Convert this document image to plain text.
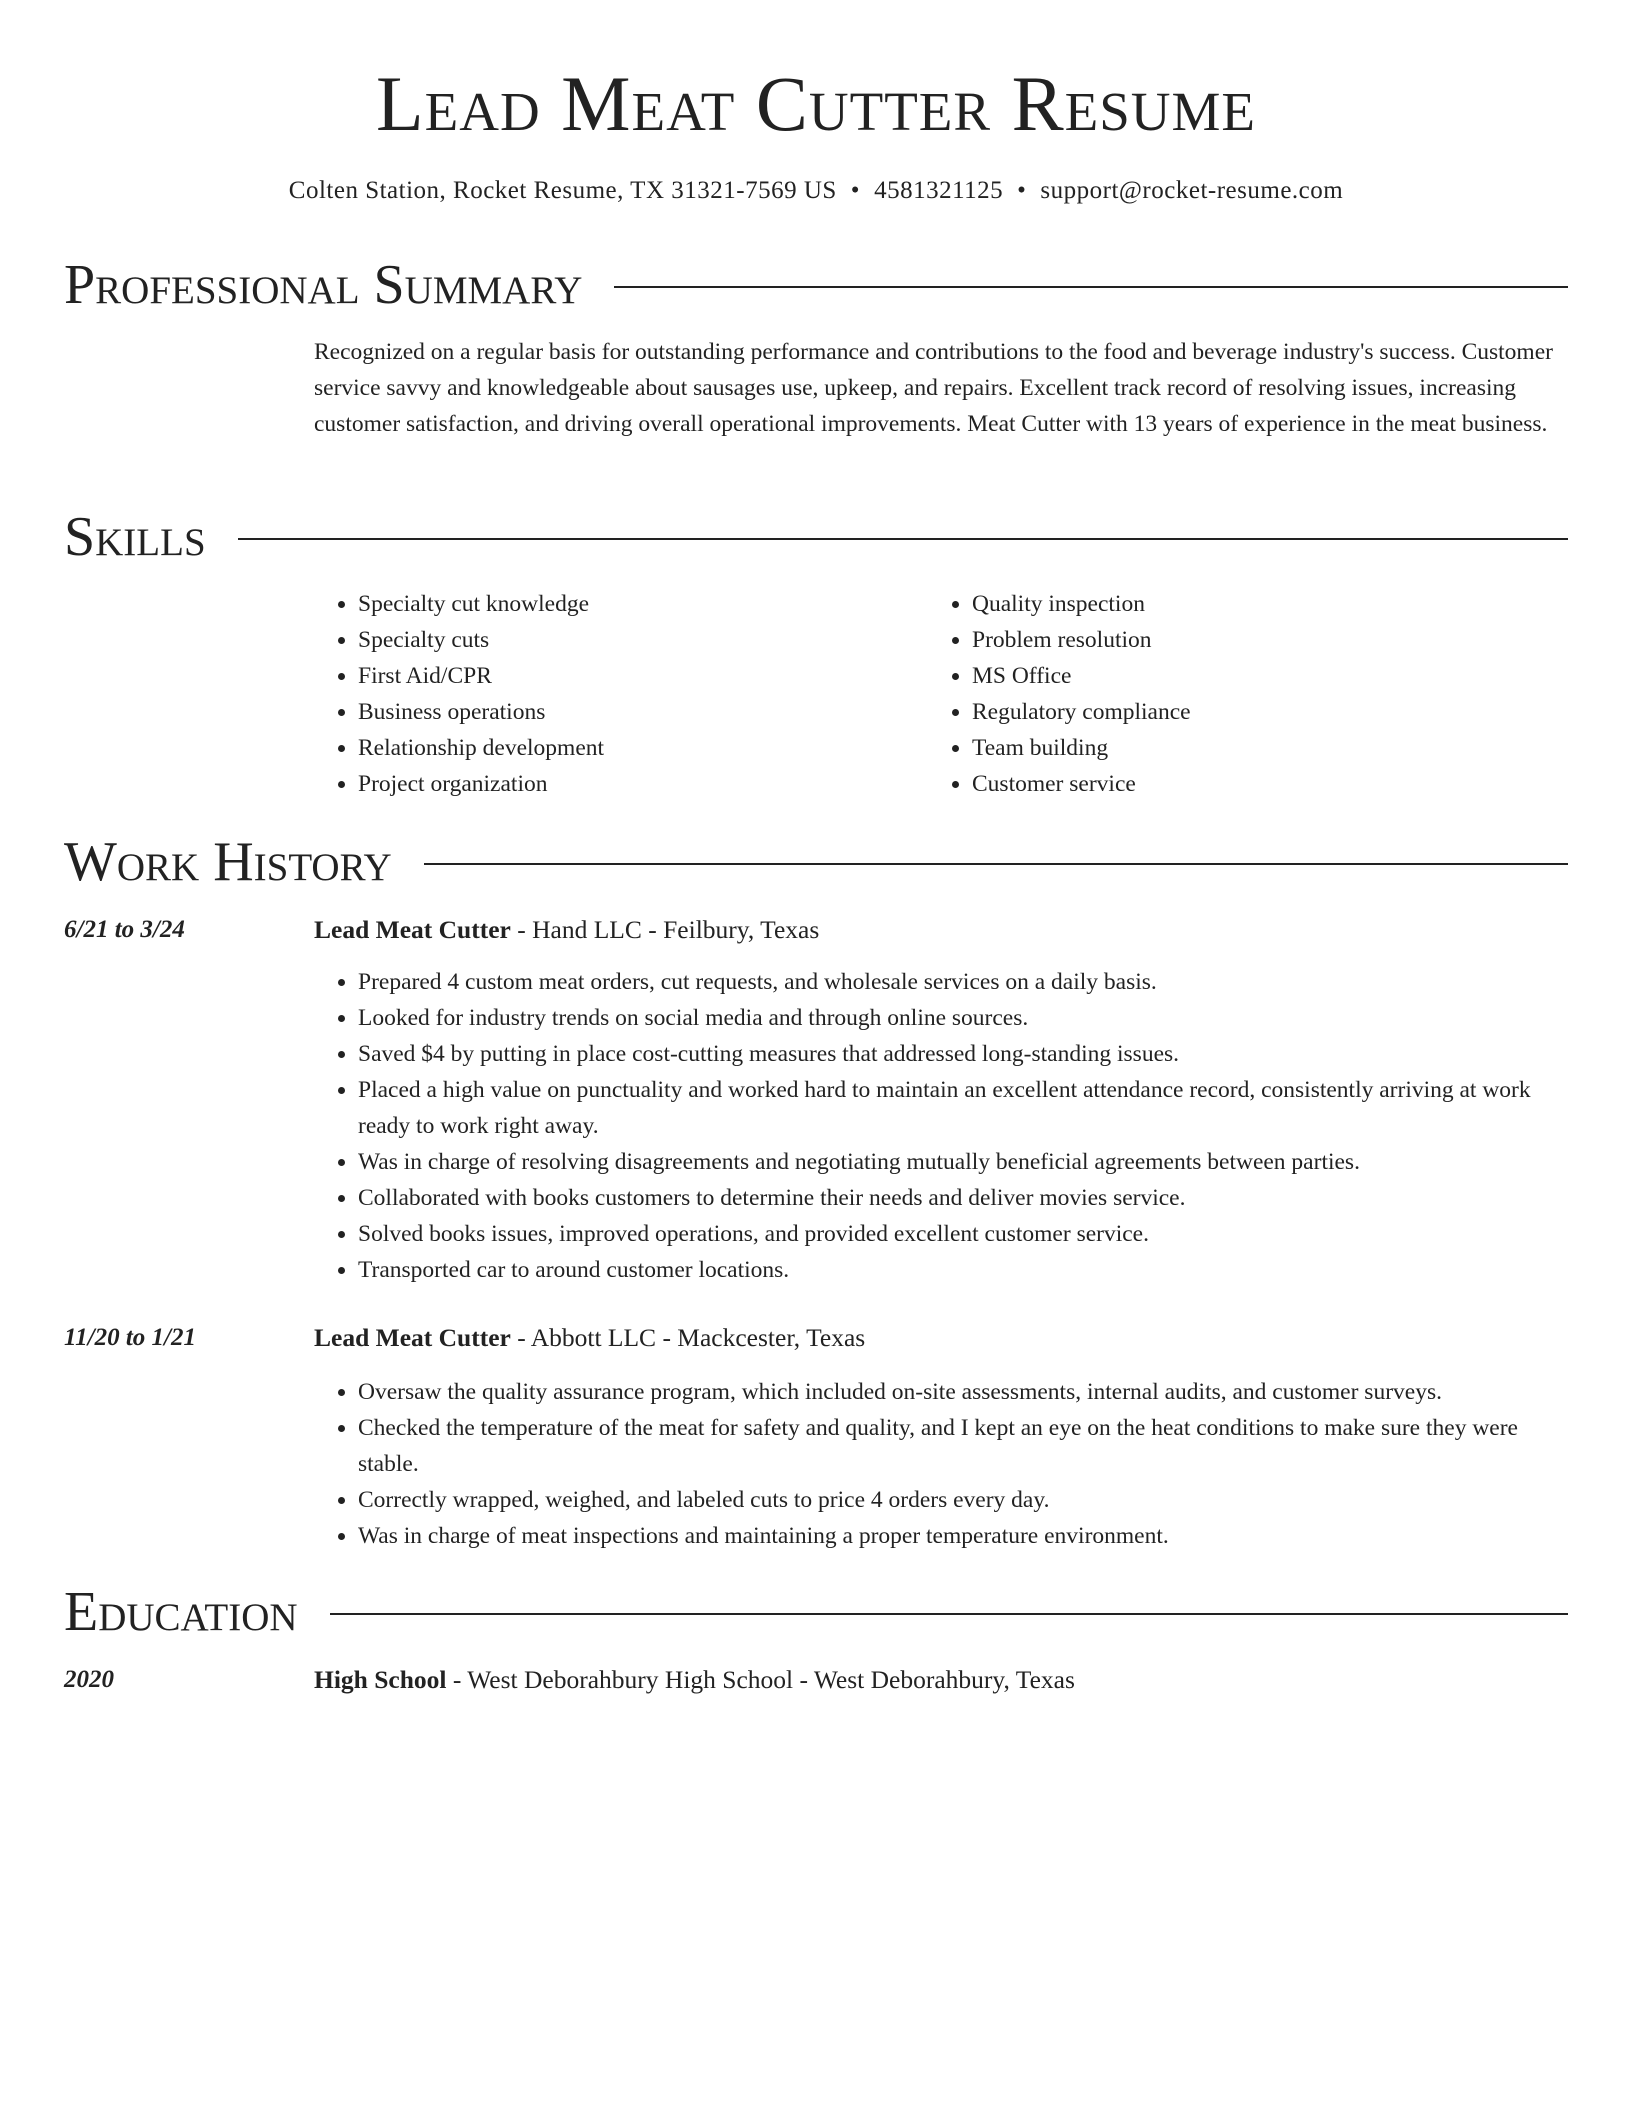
Lead Meat Cutter Resume
Colten Station, Rocket Resume, TX 31321-7569 US • 4581321125 • support@rocket-resume.com
Professional Summary
Recognized on a regular basis for outstanding performance and contributions to the food and beverage industry's success. Customer service savvy and knowledgeable about sausages use, upkeep, and repairs. Excellent track record of resolving issues, increasing customer satisfaction, and driving overall operational improvements. Meat Cutter with 13 years of experience in the meat business.
Skills
• Specialty cut knowledge
• Specialty cuts
• First Aid/CPR
• Business operations
• Relationship development
• Project organization
• Quality inspection
• Problem resolution
• MS Office
• Regulatory compliance
• Team building
• Customer service
Work History
6/21 to 3/24	Lead Meat Cutter - Hand LLC - Feilbury, Texas
• Prepared 4 custom meat orders, cut requests, and wholesale services on a daily basis.
• Looked for industry trends on social media and through online sources.
• Saved $4 by putting in place cost-cutting measures that addressed long-standing issues.
• Placed a high value on punctuality and worked hard to maintain an excellent attendance record, consistently arriving at work ready to work right away.
• Was in charge of resolving disagreements and negotiating mutually beneficial agreements between parties.
• Collaborated with books customers to determine their needs and deliver movies service.
• Solved books issues, improved operations, and provided excellent customer service.
• Transported car to around customer locations.
11/20 to 1/21	Lead Meat Cutter - Abbott LLC - Mackcester, Texas
• Oversaw the quality assurance program, which included on-site assessments, internal audits, and customer surveys.
• Checked the temperature of the meat for safety and quality, and I kept an eye on the heat conditions to make sure they were stable.
• Correctly wrapped, weighed, and labeled cuts to price 4 orders every day.
• Was in charge of meat inspections and maintaining a proper temperature environment.
Education
2020	High School - West Deborahbury High School - West Deborahbury, Texas
